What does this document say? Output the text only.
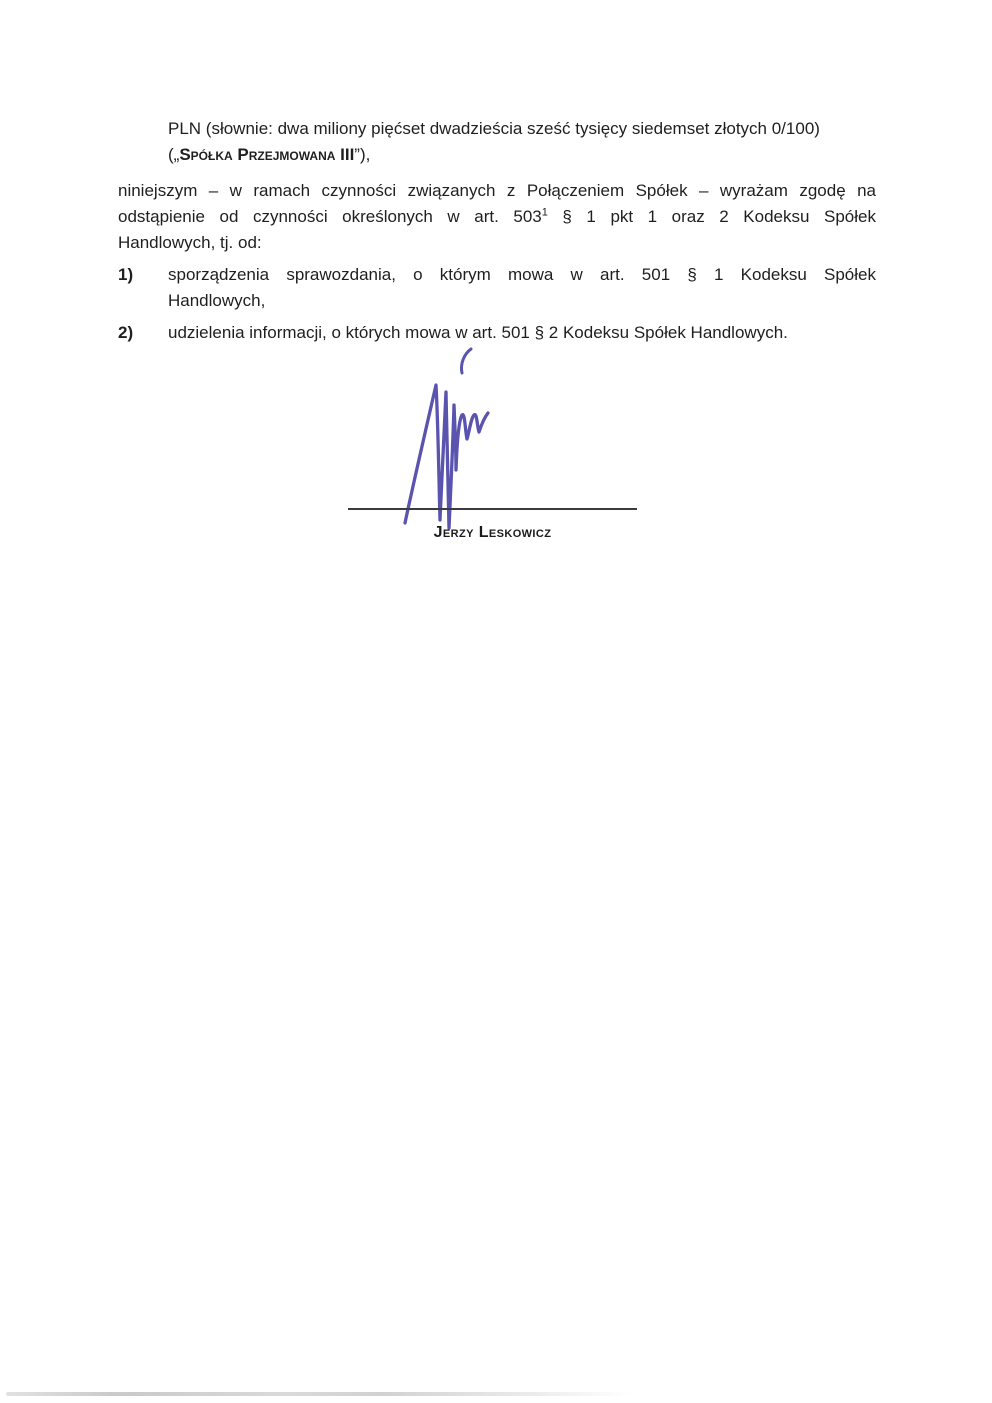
PLN (słownie: dwa miliony pięćset dwadzieścia sześć tysięcy siedemset złotych 0/100)
(„Spółka Przejmowana III”),
niniejszym – w ramach czynności związanych z Połączeniem Spółek – wyrażam zgodę na
odstąpienie od czynności określonych w art. 503$^1$ § 1 pkt 1 oraz 2 Kodeksu Spółek
Handlowych, tj. od:
1)	sporządzenia sprawozdania, o którym mowa w art. 501 § 1 Kodeksu Spółek
Handlowych,
2)	udzielenia informacji, o których mowa w art. 501 § 2 Kodeksu Spółek Handlowych.
Jerzy Leskowicz
